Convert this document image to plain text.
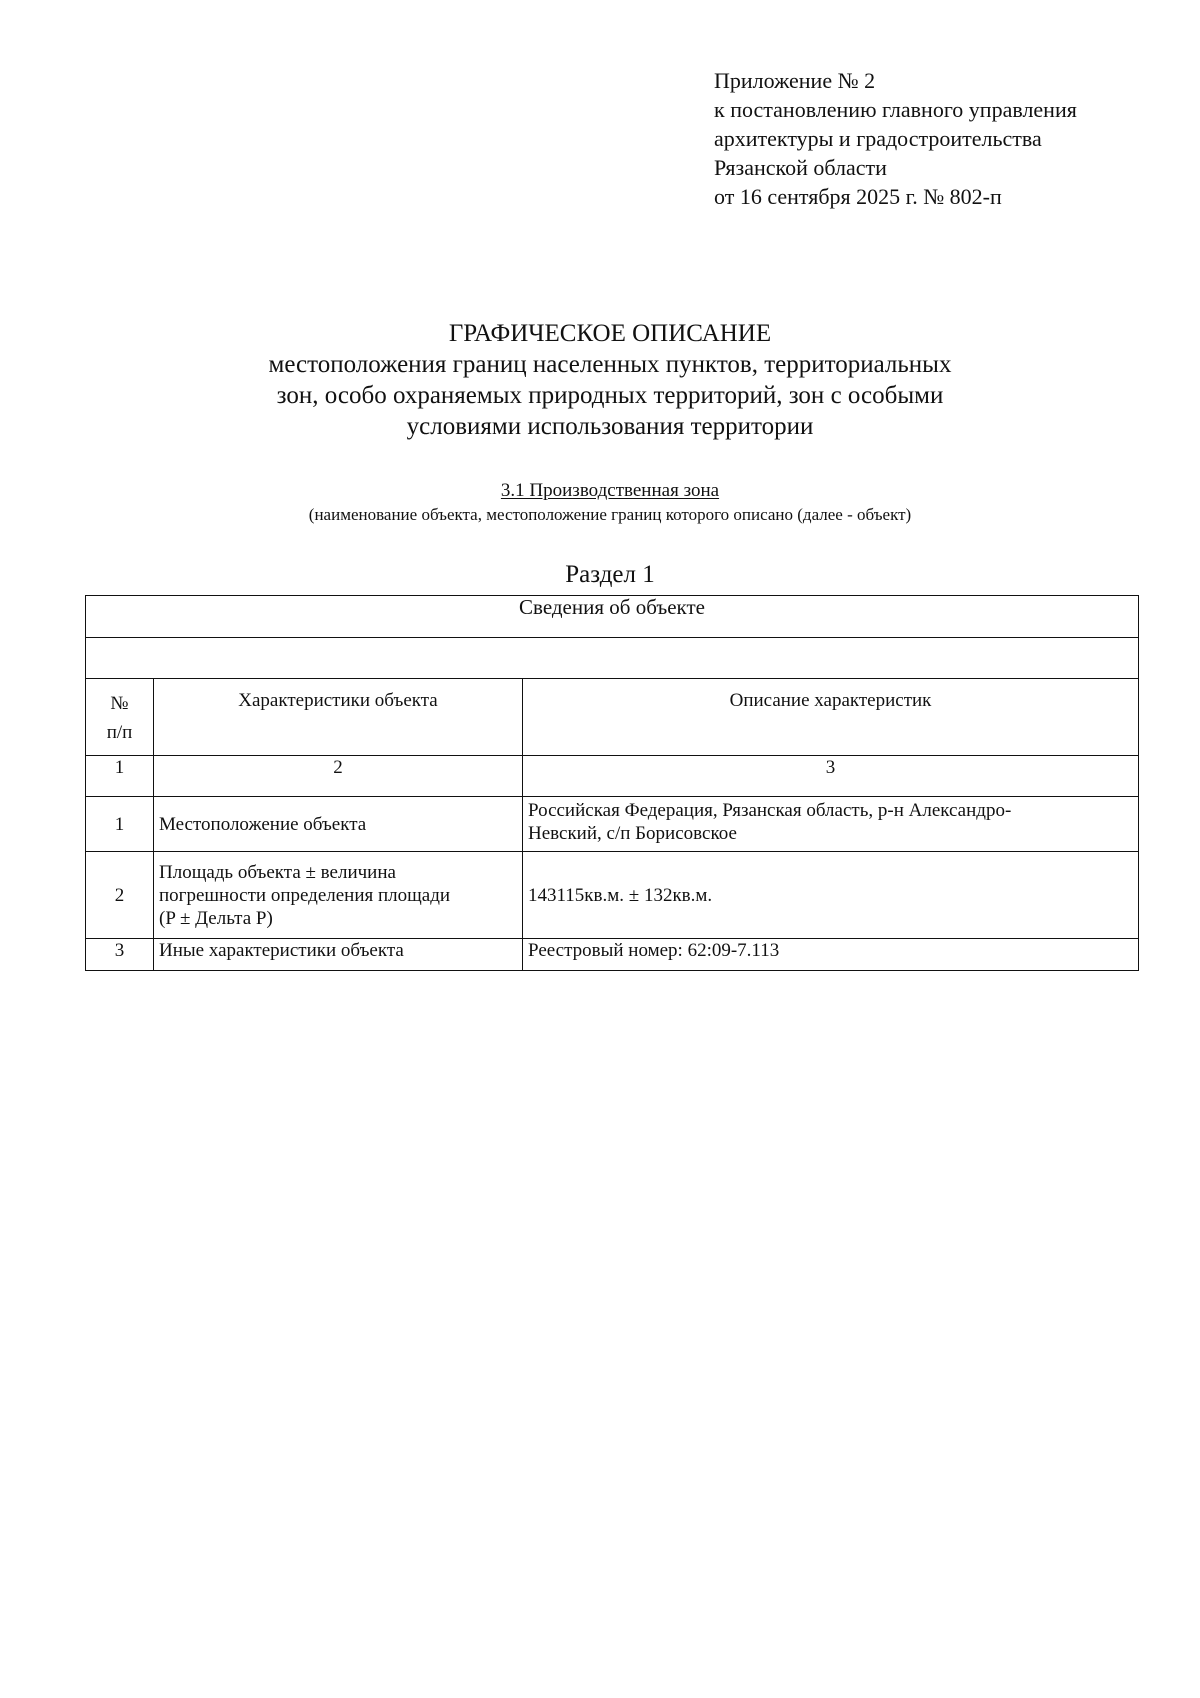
Приложение № 2
к постановлению главного управления
архитектуры и градостроительства
Рязанской области
от 16 сентября 2025 г. № 802-п
ГРАФИЧЕСКОЕ ОПИСАНИЕ
местоположения границ населенных пунктов, территориальных
зон, особо охраняемых природных территорий, зон с особыми
условиями использования территории
3.1 Производственная зона
(наименование объекта, местоположение границ которого описано (далее - объект)
Раздел 1
Сведения об объекте		

№
п/п	Характеристики объекта	Описание характеристик
1	2	3
1	Местоположение объекта	Российская Федерация, Рязанская область, р-н Александро-
Невский, с/п Борисовское

2	Площадь объекта ± величина
погрешности определения площади
(P ± Дельта P)	143115кв.м. ± 132кв.м.

3	Иные характеристики объекта	Реестровый номер: 62:09-7.113
